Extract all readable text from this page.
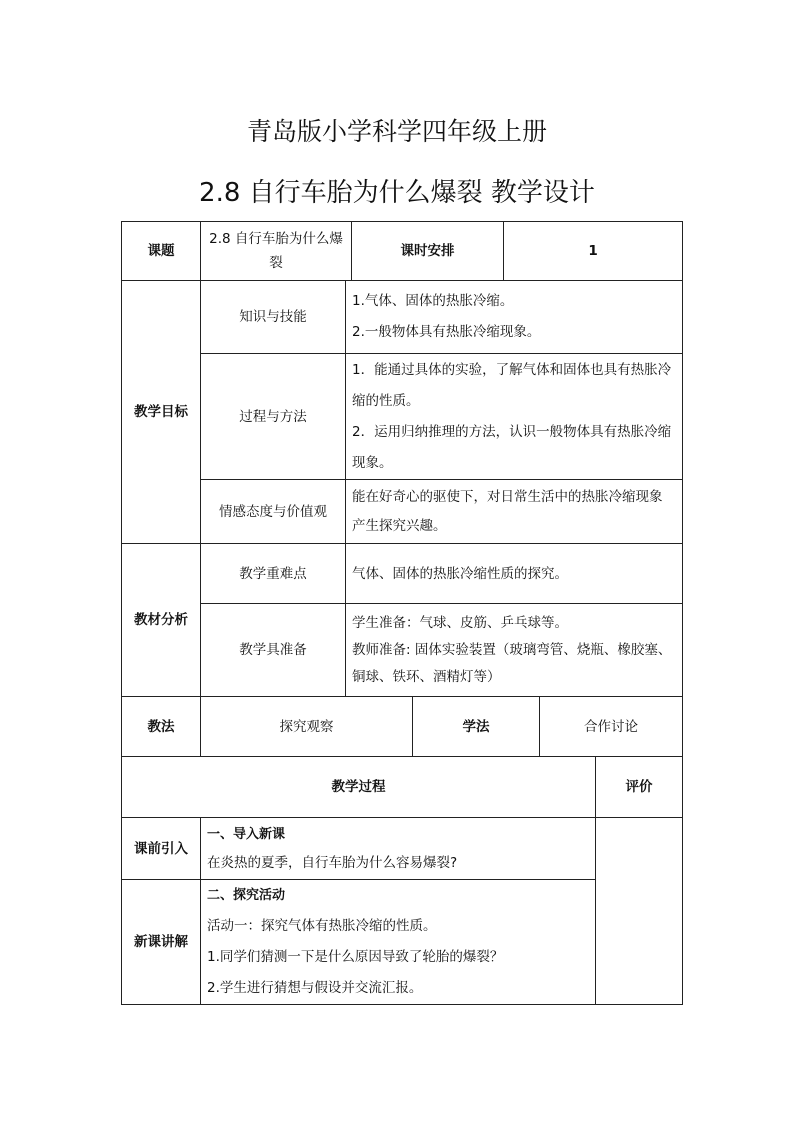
青岛版小学科学四年级上册
2.8 自行车胎为什么爆裂 教学设计
课题	2.8 自行车胎为什么爆裂		课时安排		1		
教学目标	知识与技能	1.气体、固体的热胀冷缩。
2.一般物体具有热胀冷缩现象。					

	过程与方法	1．能通过具体的实验，了解气体和固体也具有热胀冷
缩的性质。
2．运用归纳推理的方法，认识一般物体具有热胀冷缩
现象。					

	情感态度与价值观	能在好奇心的驱使下，对日常生活中的热胀冷缩现象
产生探究兴趣。					

教材分析	教学重难点	气体、固体的热胀冷缩性质的探究。					
	教学具准备	学生准备：气球、皮筋、乒乓球等。
教师准备: 固体实验装置（玻璃弯管、烧瓶、橡胶塞、
铜球、铁环、酒精灯等）					

教法	探究观察			学法		合作讨论	
教学过程							评价
课前引入	一、导入新课
在炎热的夏季，自行车胎为什么容易爆裂?						

新课讲解	二、探究活动
活动一：探究气体有热胀冷缩的性质。
1.同学们猜测一下是什么原因导致了轮胎的爆裂？
2.学生进行猜想与假设并交流汇报。						
